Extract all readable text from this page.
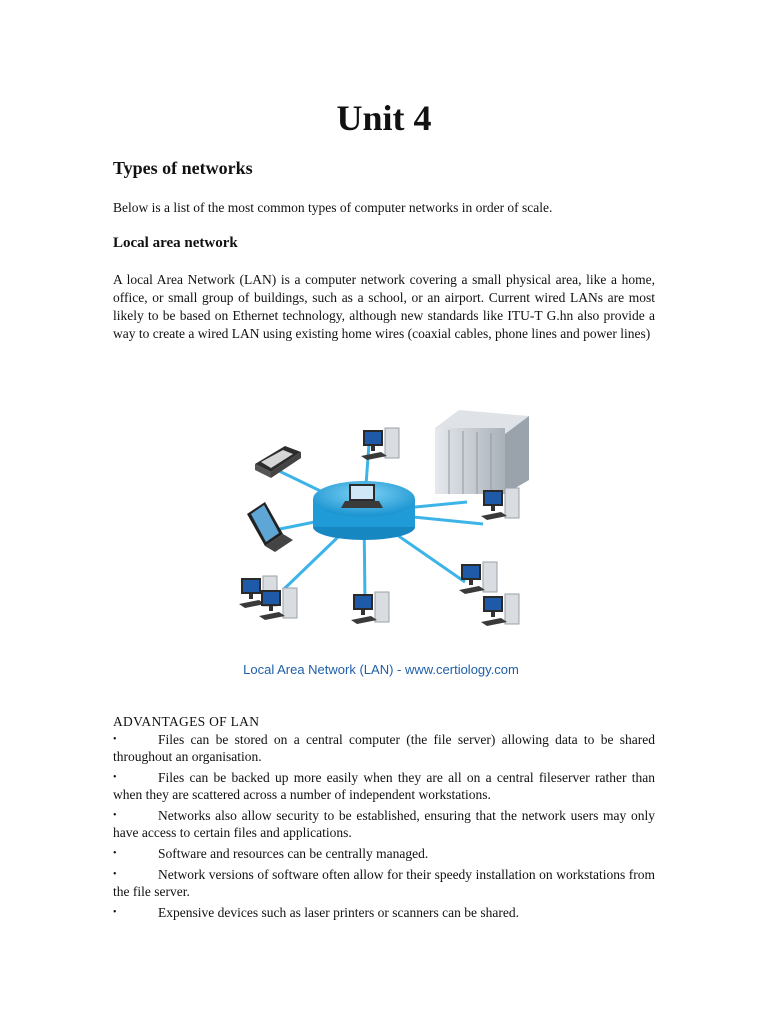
Unit 4
Types of networks
Below is a list of the most common types of computer networks in order of scale.
Local area network
A local Area Network (LAN) is a computer network covering a small physical area, like a home, office, or small group of buildings, such as a school, or an airport. Current wired LANs are most likely to be based on Ethernet technology, although new standards like ITU-T G.hn also provide a way to create a wired LAN using existing home wires (coaxial cables, phone lines and power lines)
Local Area Network (LAN) - www.certiology.com
ADVANTAGES OF LAN
•	Files can be stored on a central computer (the file server) allowing data to be shared throughout an organisation.
•	Files can be backed up more easily when they are all on a central fileserver rather than when they are scattered across a number of independent workstations.
•	Networks also allow security to be established, ensuring that the network users may only have access to certain files and applications.
•	Software and resources can be centrally managed.
•	Network versions of software often allow for their speedy installation on workstations from the file server.
•	Expensive devices such as laser printers or scanners can be shared.
